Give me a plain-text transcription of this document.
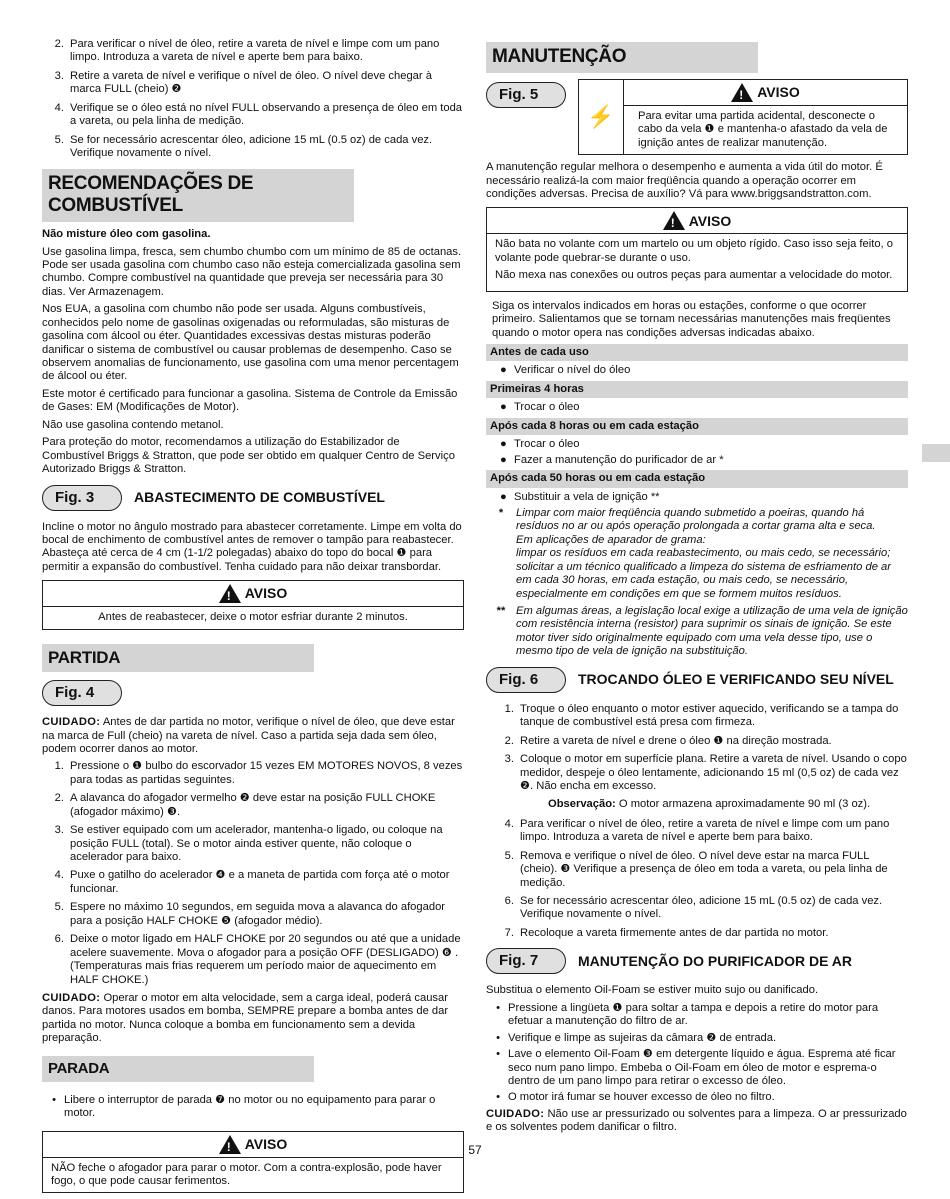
2. Para verificar o nível de óleo, retire a vareta de nível e limpe com um pano limpo. Introduza a vareta de nível e aperte bem para baixo.
3. Retire a vareta de nível e verifique o nível de óleo. O nível deve chegar à marca FULL (cheio) ❷
4. Verifique se o óleo está no nível FULL observando a presença de óleo em toda a vareta, ou pela linha de medição.
5. Se for necessário acrescentar óleo, adicione 15 mL (0.5 oz) de cada vez. Verifique novamente o nível.
RECOMENDAÇÕES DE COMBUSTÍVEL

Não misture óleo com gasolina.

Use gasolina limpa, fresca, sem chumbo chumbo com um mínimo de 85 de octanas. Pode ser usada gasolina com chumbo caso não esteja comercializada gasolina sem chumbo. Compre combustível na quantidade que preveja ser necessária para 30 dias. Ver Armazenagem.

Nos EUA, a gasolina com chumbo não pode ser usada. Alguns combustíveis, conhecidos pelo nome de gasolinas oxigenadas ou reformuladas, são misturas de gasolina com álcool ou éter. Quantidades excessivas destas misturas poderão danificar o sistema de combustível ou causar problemas de desempenho. Caso se observem anomalias de funcionamento, use gasolina com uma menor percentagem de álcool ou éter.

Este motor é certificado para funcionar a gasolina. Sistema de Controle da Emissão de Gases: EM (Modificações de Motor).

Não use gasolina contendo metanol.

Para proteção do motor, recomendamos a utilização do Estabilizador de Combustível Briggs & Stratton, que pode ser obtido em qualquer Centro de Serviço Autorizado Briggs & Stratton.

Fig. 3	ABASTECIMENTO DE COMBUSTÍVEL

Incline o motor no ângulo mostrado para abastecer corretamente. Limpe em volta do bocal de enchimento de combustível antes de remover o tampão para reabastecer. Abasteça até cerca de 4 cm (1-1/2 polegadas) abaixo do topo do bocal ❶ para permitir a expansão do combustível. Tenha cuidado para não deixar transbordar.

! AVISO
Antes de reabastecer, deixe o motor esfriar durante 2 minutos.
PARTIDA
Fig. 4

CUIDADO: Antes de dar partida no motor, verifique o nível de óleo, que deve estar na marca de Full (cheio) na vareta de nível. Caso a partida seja dada sem óleo, podem ocorrer danos ao motor.

1. Pressione o ❶ bulbo do escorvador 15 vezes EM MOTORES NOVOS, 8 vezes para todas as partidas seguintes.
2. A alavanca do afogador vermelho ❷ deve estar na posição FULL CHOKE (afogador máximo) ❸.
3. Se estiver equipado com um acelerador, mantenha-o ligado, ou coloque na posição FULL (total). Se o motor ainda estiver quente, não coloque o acelerador para baixo.
4. Puxe o gatilho do acelerador ❹ e a maneta de partida com força até o motor funcionar.
5. Espere no máximo 10 segundos, em seguida mova a alavanca do afogador para a posição HALF CHOKE ❺ (afogador médio).
6. Deixe o motor ligado em HALF CHOKE por 20 segundos ou até que a unidade acelere suavemente. Mova o afogador para a posição OFF (DESLIGADO) ❻ . (Temperaturas mais frias requerem um período maior de aquecimento em HALF CHOKE.)

CUIDADO: Operar o motor em alta velocidade, sem a carga ideal, poderá causar danos. Para motores usados em bomba, SEMPRE prepare a bomba antes de dar partida no motor. Nunca coloque a bomba em funcionamento sem a devida preparação.

PARADA
• Libere o interruptor de parada ❼ no motor ou no equipamento para parar o motor.
! AVISO
NÃO feche o afogador para parar o motor. Com a contra-explosão, pode haver fogo, o que pode causar ferimentos.
MANUTENÇÃO
Fig. 5
⚡
! AVISO
Para evitar uma partida acidental, desconecte o cabo da vela ❶ e mantenha-o afastado da vela de ignição antes de realizar manutenção.

A manutenção regular melhora o desempenho e aumenta a vida útil do motor. É necessário realizá-la com maior freqüência quando a operação ocorrer em condições adversas. Precisa de auxílio? Vá para www.briggsandstratton.com.

! AVISO

Não bata no volante com um martelo ou um objeto rígido. Caso isso seja feito, o volante pode quebrar-se durante o uso.

Não mexa nas conexões ou outros peças para aumentar a velocidade do motor.

Siga os intervalos indicados em horas ou estações, conforme o que ocorrer primeiro. Salientamos que se tornam necessárias manutenções mais freqüentes quando o motor opera nas condições adversas indicadas abaixo.

Antes de cada uso
● Verificar o nível do óleo
Primeiras 4 horas
● Trocar o óleo
Após cada 8 horas ou em cada estação
● Trocar o óleo
● Fazer a manutenção do purificador de ar *
Após cada 50 horas ou em cada estação
● Substituir a vela de ignição **
*	Limpar com maior freqüência quando submetido a poeiras, quando há resíduos no ar ou após operação prolongada a cortar grama alta e seca.
Em aplicações de aparador de grama:
limpar os resíduos em cada reabastecimento, ou mais cedo, se necessário;
solicitar a um técnico qualificado a limpeza do sistema de esfriamento de ar em cada 30 horas, em cada estação, ou mais cedo, se necessário, especialmente em condições em que se formem muitos resíduos.
** Em algumas áreas, a legislação local exige a utilização de uma vela de ignição com resistência interna (resistor) para suprimir os sinais de ignição. Se este motor tiver sido originalmente equipado com uma vela desse tipo, use o mesmo tipo de vela de ignição na substituição.
Fig. 6	TROCANDO ÓLEO E VERIFICANDO SEU NÍVEL
1. Troque o óleo enquanto o motor estiver aquecido, verificando se a tampa do tanque de combustível está presa com firmeza.
2. Retire a vareta de nível e drene o óleo ❶ na direção mostrada.
3. Coloque o motor em superfície plana. Retire a vareta de nível. Usando o copo medidor, despeje o óleo lentamente, adicionando 15 ml (0,5 oz) de cada vez ❷. Não encha em excesso.

Observação: O motor armazena aproximadamente 90 ml (3 oz).

4. Para verificar o nível de óleo, retire a vareta de nível e limpe com um pano limpo. Introduza a vareta de nível e aperte bem para baixo.
5. Remova e verifique o nível de óleo. O nível deve estar na marca FULL (cheio). ❸ Verifique a presença de óleo em toda a vareta, ou pela linha de medição.
6. Se for necessário acrescentar óleo, adicione 15 mL (0.5 oz) de cada vez. Verifique novamente o nível.
7. Recoloque a vareta firmemente antes de dar partida no motor.
Fig. 7	MANUTENÇÃO DO PURIFICADOR DE AR

Substitua o elemento Oil-Foam se estiver muito sujo ou danificado.

• Pressione a lingüeta ❶ para soltar a tampa e depois a retire do motor para efetuar a manutenção do filtro de ar.
• Verifique e limpe as sujeiras da câmara ❷ de entrada.
• Lave o elemento Oil-Foam ❸ em detergente líquido e água. Esprema até ficar seco num pano limpo. Embeba o Oil-Foam em óleo de motor e esprema-o dentro de um pano limpo para retirar o excesso de óleo.
• O motor irá fumar se houver excesso de óleo no filtro.

CUIDADO: Não use ar pressurizado ou solventes para a limpeza. O ar pressurizado e os solventes podem danificar o filtro.

57
